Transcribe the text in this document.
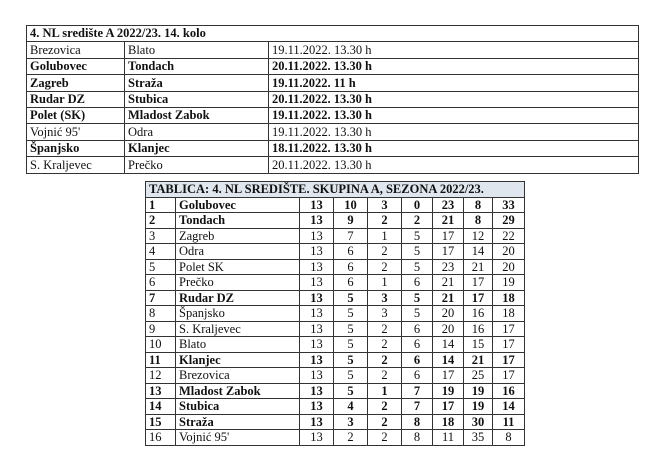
4. NL središte A 2022/23. 14. kolo		
Brezovica	Blato	19.11.2022. 13.30 h
Golubovec	Tondach	20.11.2022. 13.30 h
Zagreb	Straža	19.11.2022. 11 h
Rudar DZ	Stubica	20.11.2022. 13.30 h
Polet (SK)	Mladost Zabok	19.11.2022. 13.30 h
Vojnić 95'	Odra	19.11.2022. 13.30 h
Španjsko	Klanjec	18.11.2022. 13.30 h
S. Kraljevec	Prečko	20.11.2022. 13.30 h
TABLICA: 4. NL SREDIŠTE. SKUPINA A, SEZONA 2022/23.								
1	Golubovec	13	10	3	0	23	8	33
2	Tondach	13	9	2	2	21	8	29
3	Zagreb	13	7	1	5	17	12	22
4	Odra	13	6	2	5	17	14	20
5	Polet SK	13	6	2	5	23	21	20
6	Prečko	13	6	1	6	21	17	19
7	Rudar DZ	13	5	3	5	21	17	18
8	Španjsko	13	5	3	5	20	16	18
9	S. Kraljevec	13	5	2	6	20	16	17
10	Blato	13	5	2	6	14	15	17
11	Klanjec	13	5	2	6	14	21	17
12	Brezovica	13	5	2	6	17	25	17
13	Mladost Zabok	13	5	1	7	19	19	16
14	Stubica	13	4	2	7	17	19	14
15	Straža	13	3	2	8	18	30	11
16	Vojnić 95'	13	2	2	8	11	35	8
